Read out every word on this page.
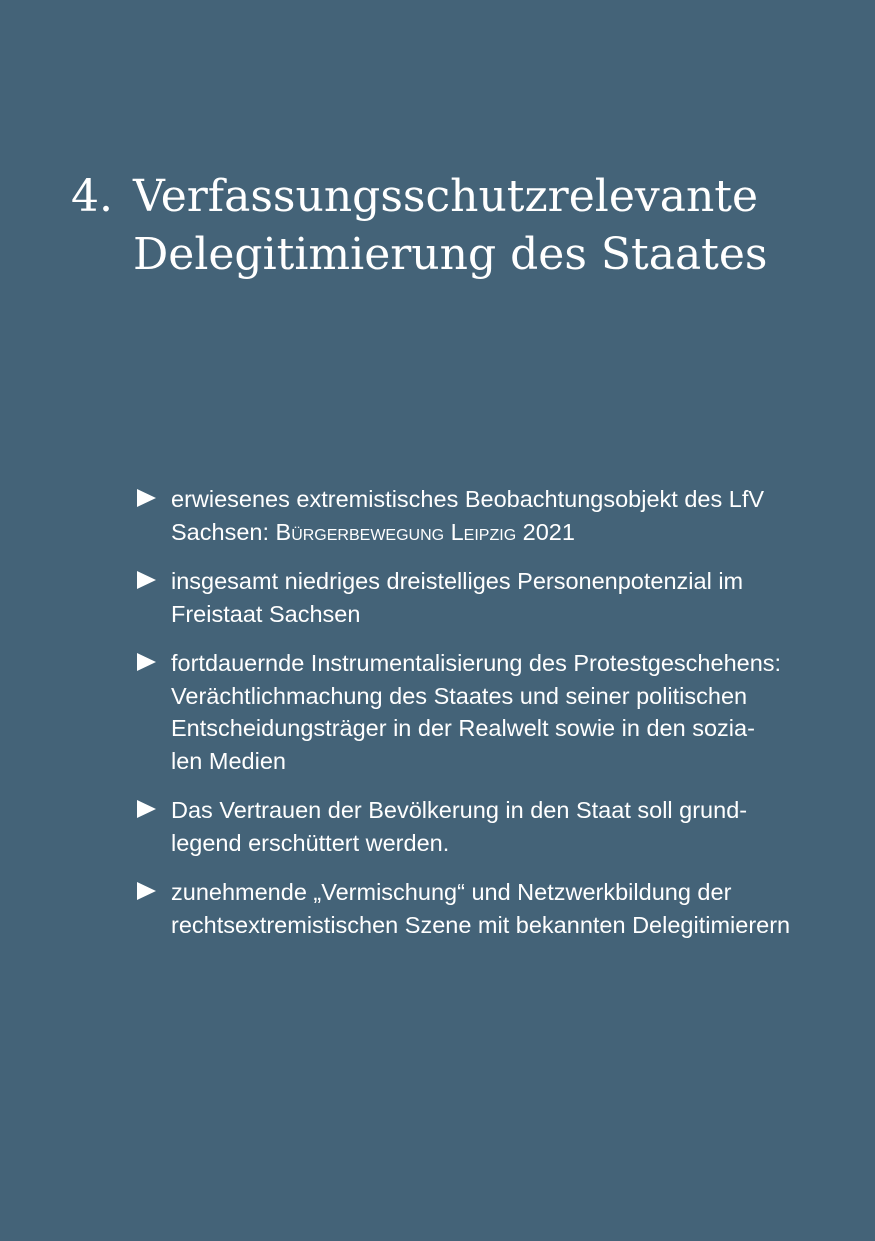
4. Verfassungsschutzrelevante
Delegitimierung des Staates
erwiesenes extremistisches Beobachtungsobjekt des LfV
Sachsen: Bürgerbewegung Leipzig 2021
insgesamt niedriges dreistelliges Personenpotenzial im
Freistaat Sachsen
fortdauernde Instrumentalisierung des Protestgeschehens:
Verächtlichmachung des Staates und seiner politischen
Entscheidungsträger in der Realwelt sowie in den sozia-
len Medien
Das Vertrauen der Bevölkerung in den Staat soll grund-
legend erschüttert werden.
zunehmende „Vermischung“ und Netzwerkbildung der
rechtsextremistischen Szene mit bekannten Delegitimierern
